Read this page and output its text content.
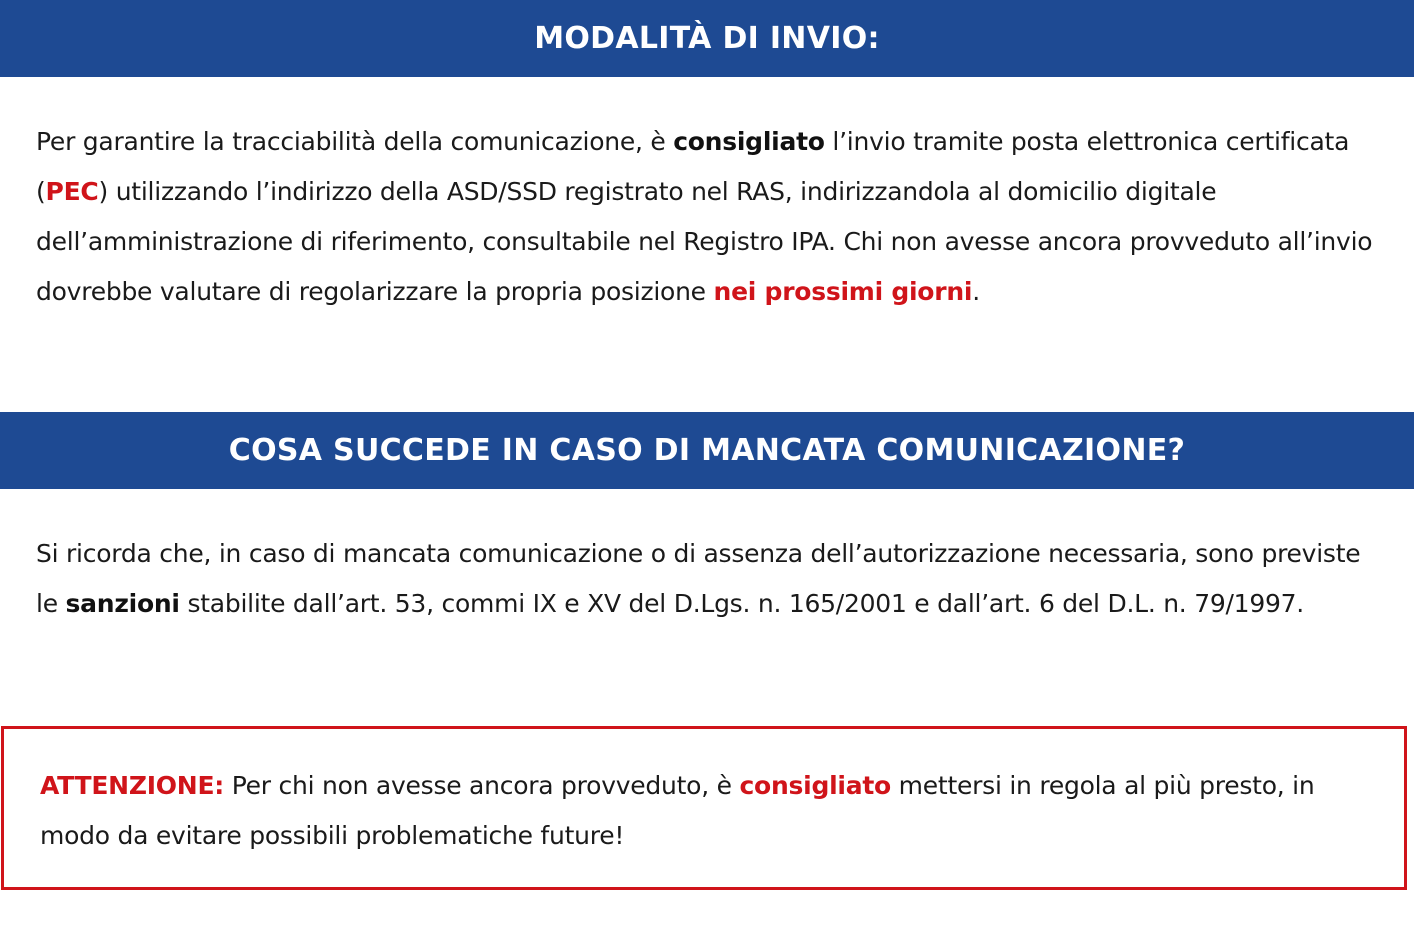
MODALITÀ DI INVIO:

Per garantire la tracciabilità della comunicazione, è consigliato l’invio tramite posta elettronica certificata (PEC) utilizzando l’indirizzo della ASD/SSD registrato nel RAS, indirizzandola al domicilio digitale dell’amministrazione di riferimento, consultabile nel Registro IPA. Chi non avesse ancora provveduto all’invio dovrebbe valutare di regolarizzare la propria posizione nei prossimi giorni.

COSA SUCCEDE IN CASO DI MANCATA COMUNICAZIONE?

Si ricorda che, in caso di mancata comunicazione o di assenza dell’autorizzazione necessaria, sono previste le sanzioni stabilite dall’art. 53, commi IX e XV del D.Lgs. n. 165/2001 e dall’art. 6 del D.L. n. 79/1997.

ATTENZIONE: Per chi non avesse ancora provveduto, è consigliato mettersi in regola al più presto, in modo da evitare possibili problematiche future!
